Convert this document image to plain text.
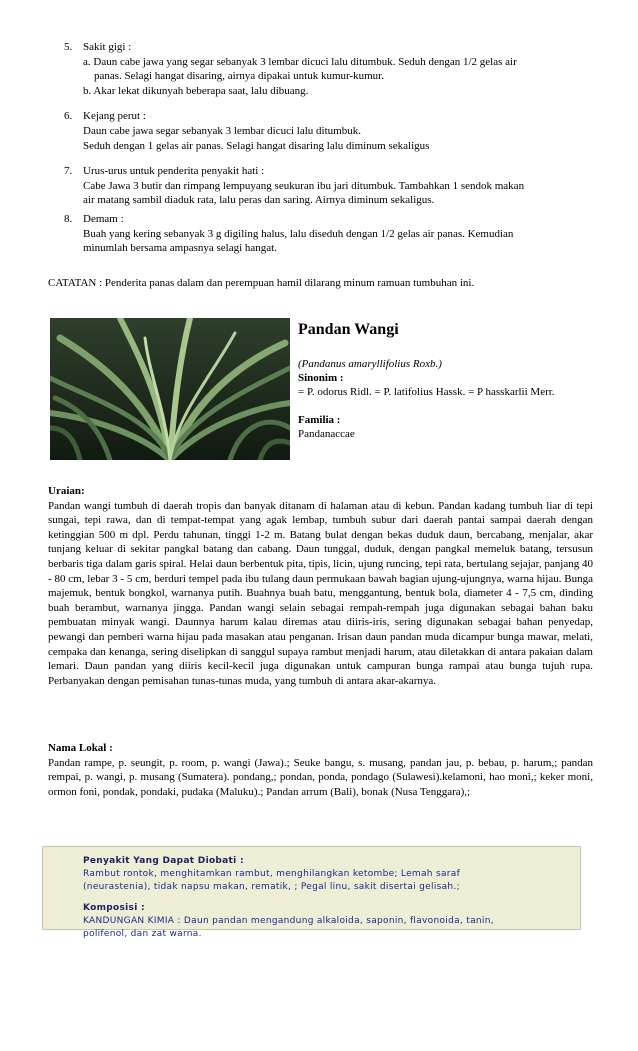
5. Sakit gigi :
a. Daun cabe jawa yang segar sebanyak 3 lembar dicuci lalu ditumbuk. Seduh dengan 1/2 gelas air
panas. Selagi hangat disaring, airnya dipakai untuk kumur-kumur.
b. Akar lekat dikunyah beberapa saat, lalu dibuang.
6. Kejang perut :
Daun cabe jawa segar sebanyak 3 lembar dicuci lalu ditumbuk.
Seduh dengan 1 gelas air panas. Selagi hangat disaring lalu diminum sekaligus
7. Urus-urus untuk penderita penyakit hati :
Cabe Jawa 3 butir dan rimpang lempuyang seukuran ibu jari ditumbuk. Tambahkan 1 sendok makan
air matang sambil diaduk rata, lalu peras dan saring. Airnya diminum sekaligus.
8. Demam :
Buah yang kering sebanyak 3 g digiling halus, lalu diseduh dengan 1/2 gelas air panas. Kemudian
minumlah bersama ampasnya selagi hangat.
CATATAN : Penderita panas dalam dan perempuan hamil dilarang minum ramuan tumbuhan ini.
Pandan Wangi
(Pandanus amaryllifolius Roxb.)
Sinonim :
= P. odorus Ridl. = P. latifolius Hassk. = P hasskarlii Merr.
Familia :
Pandanaccae
Uraian:
Pandan wangi tumbuh di daerah tropis dan banyak ditanam di halaman atau di kebun. Pandan kadang tumbuh liar di tepi sungai, tepi rawa, dan di tempat-tempat yang agak lembap, tumbuh subur dari daerah pantai sampai daerah dengan ketinggian 500 m dpl. Perdu tahunan, tinggi 1-2 m. Batang bulat dengan bekas duduk daun, bercabang, menjalar, akar tunjang keluar di sekitar pangkal batang dan cabang. Daun tunggal, duduk, dengan pangkal memeluk batang, tersusun berbaris tiga dalam garis spiral. Helai daun berbentuk pita, tipis, licin, ujung runcing, tepi rata, bertulang sejajar, panjang 40 - 80 cm, lebar 3 - 5 cm, berduri tempel pada ibu tulang daun permukaan bawah bagian ujung-ujungnya, warna hijau. Bunga majemuk, bentuk bongkol, warnanya putih. Buahnya buah batu, menggantung, bentuk bola, diameter 4 - 7,5 cm, dinding buah berambut, warnanya jingga. Pandan wangi selain sebagai rempah-rempah juga digunakan sebagai bahan baku pembuatan minyak wangi. Daunnya harum kalau diremas atau diiris-iris, sering digunakan sebagai bahan penyedap, pewangi dan pemberi warna hijau pada masakan atau penganan. Irisan daun pandan muda dicampur bunga mawar, melati, cempaka dan kenanga, sering diselipkan di sanggul supaya rambut menjadi harum, atau diletakkan di antara pakaian dalam lemari. Daun pandan yang diiris kecil-kecil juga digunakan untuk campuran bunga rampai atau bunga tujuh rupa. Perbanyakan dengan pemisahan tunas-tunas muda, yang tumbuh di antara akar-akarnya.
Nama Lokal :
Pandan rampe, p. seungit, p. room, p. wangi (Jawa).; Seuke bangu, s. musang, pandan jau, p. bebau, p. harum,; pandan rempai, p. wangi, p. musang (Sumatera). pondang,; pondan, ponda, pondago (Sulawesi).kelamoni, hao moni,; keker moni, ormon foni, pondak, pondaki, pudaka (Maluku).; Pandan arrum (Bali), bonak (Nusa Tenggara),;
Penyakit Yang Dapat Diobati :
Rambut rontok, menghitamkan rambut, menghilangkan ketombe; Lemah saraf
(neurastenia), tidak napsu makan, rematik, ; Pegal linu, sakit disertai gelisah.;
Komposisi :
KANDUNGAN KIMIA : Daun pandan mengandung alkaloida, saponin, flavonoida, tanin,
polifenol, dan zat warna.
